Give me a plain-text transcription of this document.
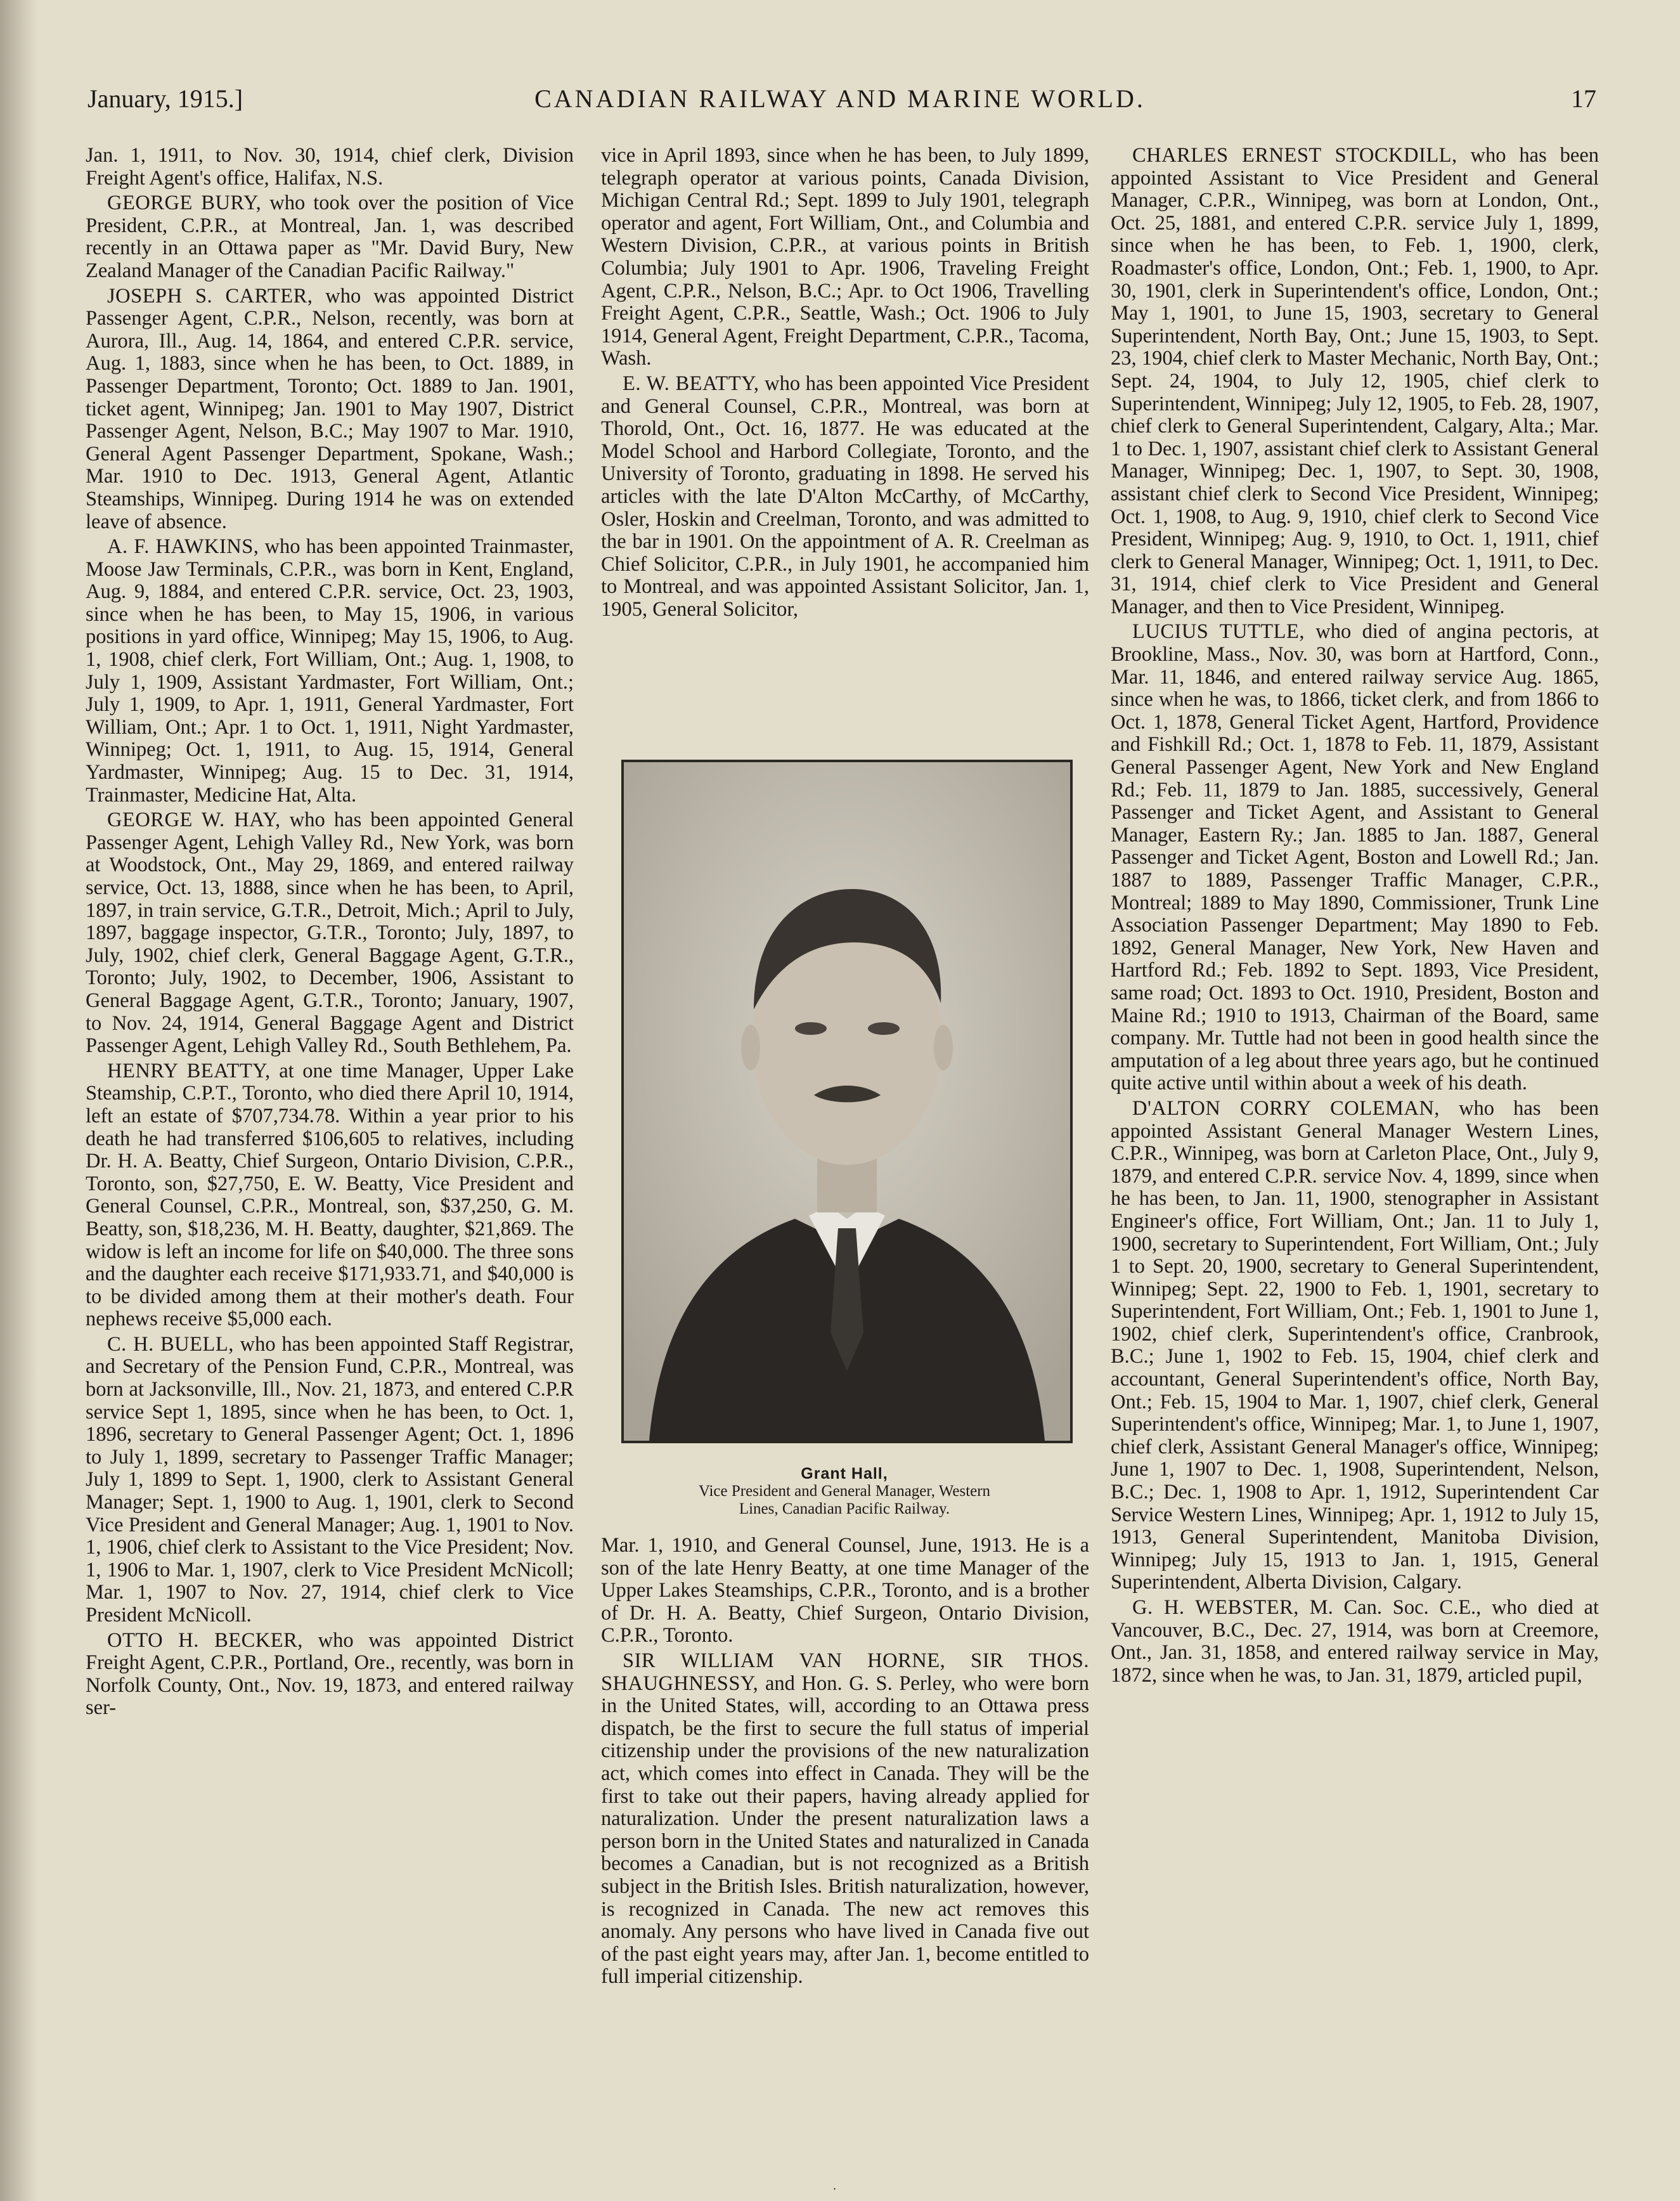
January, 1915.]	CANADIAN RAILWAY AND MARINE WORLD.	17

Jan. 1, 1911, to Nov. 30, 1914, chief clerk, Division Freight Agent's office, Halifax, N.S.

GEORGE BURY, who took over the position of Vice President, C.P.R., at Montreal, Jan. 1, was described recently in an Ottawa paper as "Mr. David Bury, New Zealand Manager of the Canadian Pacific Railway."

JOSEPH S. CARTER, who was appointed District Passenger Agent, C.P.R., Nelson, recently, was born at Aurora, Ill., Aug. 14, 1864, and entered C.P.R. service, Aug. 1, 1883, since when he has been, to Oct. 1889, in Passenger Department, Toronto; Oct. 1889 to Jan. 1901, ticket agent, Winnipeg; Jan. 1901 to May 1907, District Passenger Agent, Nelson, B.C.; May 1907 to Mar. 1910, General Agent Passenger Department, Spokane, Wash.; Mar. 1910 to Dec. 1913, General Agent, Atlantic Steamships, Winnipeg. During 1914 he was on extended leave of absence.

A. F. HAWKINS, who has been appointed Trainmaster, Moose Jaw Terminals, C.P.R., was born in Kent, England, Aug. 9, 1884, and entered C.P.R. service, Oct. 23, 1903, since when he has been, to May 15, 1906, in various positions in yard office, Winnipeg; May 15, 1906, to Aug. 1, 1908, chief clerk, Fort William, Ont.; Aug. 1, 1908, to July 1, 1909, Assistant Yardmaster, Fort William, Ont.; July 1, 1909, to Apr. 1, 1911, General Yardmaster, Fort William, Ont.; Apr. 1 to Oct. 1, 1911, Night Yardmaster, Winnipeg; Oct. 1, 1911, to Aug. 15, 1914, General Yardmaster, Winnipeg; Aug. 15 to Dec. 31, 1914, Trainmaster, Medicine Hat, Alta.

GEORGE W. HAY, who has been appointed General Passenger Agent, Lehigh Valley Rd., New York, was born at Woodstock, Ont., May 29, 1869, and entered railway service, Oct. 13, 1888, since when he has been, to April, 1897, in train service, G.T.R., Detroit, Mich.; April to July, 1897, baggage inspector, G.T.R., Toronto; July, 1897, to July, 1902, chief clerk, General Baggage Agent, G.T.R., Toronto; July, 1902, to December, 1906, Assistant to General Baggage Agent, G.T.R., Toronto; January, 1907, to Nov. 24, 1914, General Baggage Agent and District Passenger Agent, Lehigh Valley Rd., South Bethlehem, Pa.

HENRY BEATTY, at one time Manager, Upper Lake Steamship, C.P.T., Toronto, who died there April 10, 1914, left an estate of $707,734.78. Within a year prior to his death he had transferred $106,605 to relatives, including Dr. H. A. Beatty, Chief Surgeon, Ontario Division, C.P.R., Toronto, son, $27,750, E. W. Beatty, Vice President and General Counsel, C.P.R., Montreal, son, $37,250, G. M. Beatty, son, $18,236, M. H. Beatty, daughter, $21,869. The widow is left an income for life on $40,000. The three sons and the daughter each receive $171,933.71, and $40,000 is to be divided among them at their mother's death. Four nephews receive $5,000 each.

C. H. BUELL, who has been appointed Staff Registrar, and Secretary of the Pension Fund, C.P.R., Montreal, was born at Jacksonville, Ill., Nov. 21, 1873, and entered C.P.R service Sept 1, 1895, since when he has been, to Oct. 1, 1896, secretary to General Passenger Agent; Oct. 1, 1896 to July 1, 1899, secretary to Passenger Traffic Manager; July 1, 1899 to Sept. 1, 1900, clerk to Assistant General Manager; Sept. 1, 1900 to Aug. 1, 1901, clerk to Second Vice President and General Manager; Aug. 1, 1901 to Nov. 1, 1906, chief clerk to Assistant to the Vice President; Nov. 1, 1906 to Mar. 1, 1907, clerk to Vice President McNicoll; Mar. 1, 1907 to Nov. 27, 1914, chief clerk to Vice President McNicoll.

OTTO H. BECKER, who was appointed District Freight Agent, C.P.R., Portland, Ore., recently, was born in Norfolk County, Ont., Nov. 19, 1873, and entered railway ser-

vice in April 1893, since when he has been, to July 1899, telegraph operator at various points, Canada Division, Michigan Central Rd.; Sept. 1899 to July 1901, telegraph operator and agent, Fort William, Ont., and Columbia and Western Division, C.P.R., at various points in British Columbia; July 1901 to Apr. 1906, Traveling Freight Agent, C.P.R., Nelson, B.C.; Apr. to Oct 1906, Travelling Freight Agent, C.P.R., Seattle, Wash.; Oct. 1906 to July 1914, General Agent, Freight Department, C.P.R., Tacoma, Wash.

E. W. BEATTY, who has been appointed Vice President and General Counsel, C.P.R., Montreal, was born at Thorold, Ont., Oct. 16, 1877. He was educated at the Model School and Harbord Collegiate, Toronto, and the University of Toronto, graduating in 1898. He served his articles with the late D'Alton McCarthy, of McCarthy, Osler, Hoskin and Creelman, Toronto, and was admitted to the bar in 1901. On the appointment of A. R. Creelman as Chief Solicitor, C.P.R., in July 1901, he accompanied him to Montreal, and was appointed Assistant Solicitor, Jan. 1, 1905, General Solicitor,

Grant Hall,
Vice President and General Manager, Western
Lines, Canadian Pacific Railway.

Mar. 1, 1910, and General Counsel, June, 1913. He is a son of the late Henry Beatty, at one time Manager of the Upper Lakes Steamships, C.P.R., Toronto, and is a brother of Dr. H. A. Beatty, Chief Surgeon, Ontario Division, C.P.R., Toronto.

SIR WILLIAM VAN HORNE, SIR THOS. SHAUGHNESSY, and Hon. G. S. Perley, who were born in the United States, will, according to an Ottawa press dispatch, be the first to secure the full status of imperial citizenship under the provisions of the new naturalization act, which comes into effect in Canada. They will be the first to take out their papers, having already applied for naturalization. Under the present naturalization laws a person born in the United States and naturalized in Canada becomes a Canadian, but is not recognized as a British subject in the British Isles. British naturalization, however, is recognized in Canada. The new act removes this anomaly. Any persons who have lived in Canada five out of the past eight years may, after Jan. 1, become entitled to full imperial citizenship.

CHARLES ERNEST STOCKDILL, who has been appointed Assistant to Vice President and General Manager, C.P.R., Winnipeg, was born at London, Ont., Oct. 25, 1881, and entered C.P.R. service July 1, 1899, since when he has been, to Feb. 1, 1900, clerk, Roadmaster's office, London, Ont.; Feb. 1, 1900, to Apr. 30, 1901, clerk in Superintendent's office, London, Ont.; May 1, 1901, to June 15, 1903, secretary to General Superintendent, North Bay, Ont.; June 15, 1903, to Sept. 23, 1904, chief clerk to Master Mechanic, North Bay, Ont.; Sept. 24, 1904, to July 12, 1905, chief clerk to Superintendent, Winnipeg; July 12, 1905, to Feb. 28, 1907, chief clerk to General Superintendent, Calgary, Alta.; Mar. 1 to Dec. 1, 1907, assistant chief clerk to Assistant General Manager, Winnipeg; Dec. 1, 1907, to Sept. 30, 1908, assistant chief clerk to Second Vice President, Winnipeg; Oct. 1, 1908, to Aug. 9, 1910, chief clerk to Second Vice President, Winnipeg; Aug. 9, 1910, to Oct. 1, 1911, chief clerk to General Manager, Winnipeg; Oct. 1, 1911, to Dec. 31, 1914, chief clerk to Vice President and General Manager, and then to Vice President, Winnipeg.

LUCIUS TUTTLE, who died of angina pectoris, at Brookline, Mass., Nov. 30, was born at Hartford, Conn., Mar. 11, 1846, and entered railway service Aug. 1865, since when he was, to 1866, ticket clerk, and from 1866 to Oct. 1, 1878, General Ticket Agent, Hartford, Providence and Fishkill Rd.; Oct. 1, 1878 to Feb. 11, 1879, Assistant General Passenger Agent, New York and New England Rd.; Feb. 11, 1879 to Jan. 1885, successively, General Passenger and Ticket Agent, and Assistant to General Manager, Eastern Ry.; Jan. 1885 to Jan. 1887, General Passenger and Ticket Agent, Boston and Lowell Rd.; Jan. 1887 to 1889, Passenger Traffic Manager, C.P.R., Montreal; 1889 to May 1890, Commissioner, Trunk Line Association Passenger Department; May 1890 to Feb. 1892, General Manager, New York, New Haven and Hartford Rd.; Feb. 1892 to Sept. 1893, Vice President, same road; Oct. 1893 to Oct. 1910, President, Boston and Maine Rd.; 1910 to 1913, Chairman of the Board, same company. Mr. Tuttle had not been in good health since the amputation of a leg about three years ago, but he continued quite active until within about a week of his death.

D'ALTON CORRY COLEMAN, who has been appointed Assistant General Manager Western Lines, C.P.R., Winnipeg, was born at Carleton Place, Ont., July 9, 1879, and entered C.P.R. service Nov. 4, 1899, since when he has been, to Jan. 11, 1900, stenographer in Assistant Engineer's office, Fort William, Ont.; Jan. 11 to July 1, 1900, secretary to Superintendent, Fort William, Ont.; July 1 to Sept. 20, 1900, secretary to General Superintendent, Winnipeg; Sept. 22, 1900 to Feb. 1, 1901, secretary to Superintendent, Fort William, Ont.; Feb. 1, 1901 to June 1, 1902, chief clerk, Superintendent's office, Cranbrook, B.C.; June 1, 1902 to Feb. 15, 1904, chief clerk and accountant, General Superintendent's office, North Bay, Ont.; Feb. 15, 1904 to Mar. 1, 1907, chief clerk, General Superintendent's office, Winnipeg; Mar. 1, to June 1, 1907, chief clerk, Assistant General Manager's office, Winnipeg; June 1, 1907 to Dec. 1, 1908, Superintendent, Nelson, B.C.; Dec. 1, 1908 to Apr. 1, 1912, Superintendent Car Service Western Lines, Winnipeg; Apr. 1, 1912 to July 15, 1913, General Superintendent, Manitoba Division, Winnipeg; July 15, 1913 to Jan. 1, 1915, General Superintendent, Alberta Division, Calgary.

G. H. WEBSTER, M. Can. Soc. C.E., who died at Vancouver, B.C., Dec. 27, 1914, was born at Creemore, Ont., Jan. 31, 1858, and entered railway service in May, 1872, since when he was, to Jan. 31, 1879, articled pupil,

.
